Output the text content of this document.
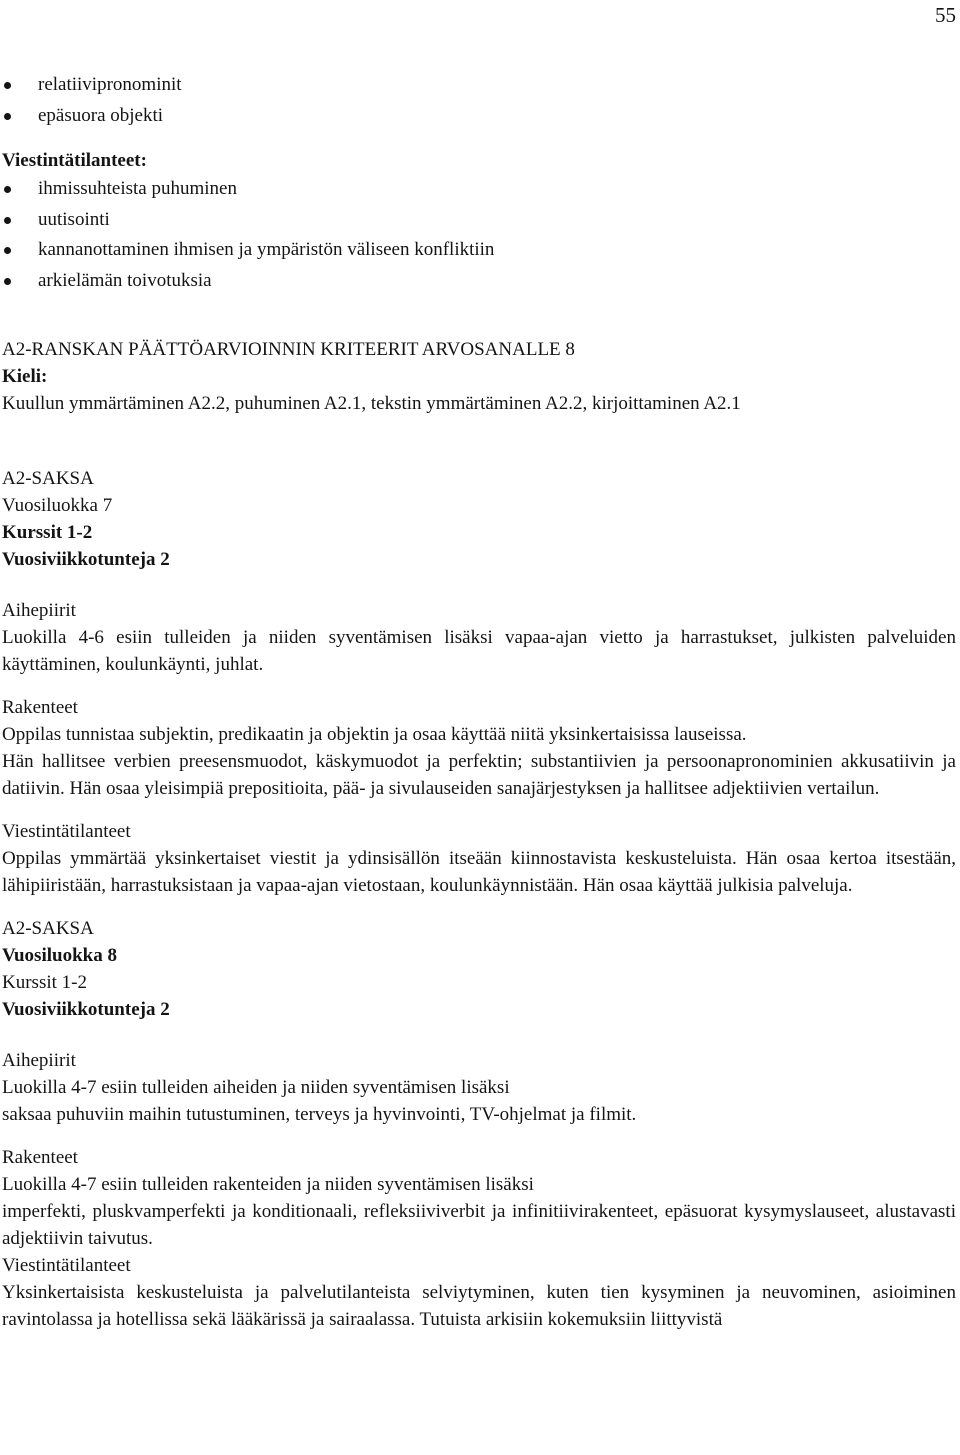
55
relatiivipronominit
epäsuora objekti
Viestintätilanteet:
ihmissuhteista puhuminen
uutisointi
kannanottaminen ihmisen ja ympäristön väliseen konfliktiin
arkielämän toivotuksia
A2-RANSKAN PÄÄTTÖARVIOINNIN KRITEERIT ARVOSANALLE 8
Kieli:
Kuullun ymmärtäminen A2.2, puhuminen A2.1, tekstin ymmärtäminen A2.2, kirjoittaminen A2.1
A2-SAKSA
Vuosiluokka 7
Kurssit 1-2
Vuosiviikkotunteja 2
Aihepiirit

Luokilla 4-6 esiin tulleiden ja niiden syventämisen lisäksi vapaa-ajan vietto ja harrastukset, julkisten palveluiden käyttäminen, koulunkäynti, juhlat.

Rakenteet

Oppilas tunnistaa subjektin, predikaatin ja objektin ja osaa käyttää niitä yksinkertaisissa lauseissa.

Hän hallitsee verbien preesensmuodot, käskymuodot ja perfektin; substantiivien ja persoonapronominien akkusatiivin ja datiivin. Hän osaa yleisimpiä prepositioita, pää- ja sivulauseiden sanajärjestyksen ja hallitsee adjektiivien vertailun.

Viestintätilanteet

Oppilas ymmärtää yksinkertaiset viestit ja ydinsisällön itseään kiinnostavista keskusteluista. Hän osaa kertoa itsestään, lähipiiristään, harrastuksistaan ja vapaa-ajan vietostaan, koulunkäynnistään. Hän osaa käyttää julkisia palveluja.

A2-SAKSA
Vuosiluokka 8
Kurssit 1-2
Vuosiviikkotunteja 2
Aihepiirit

Luokilla 4-7 esiin tulleiden aiheiden ja niiden syventämisen lisäksi

saksaa puhuviin maihin tutustuminen, terveys ja hyvinvointi, TV-ohjelmat ja filmit.

Rakenteet

Luokilla 4-7 esiin tulleiden rakenteiden ja niiden syventämisen lisäksi

imperfekti, pluskvamperfekti ja konditionaali, refleksiiviverbit ja infinitiivirakenteet, epäsuorat kysymyslauseet, alustavasti adjektiivin taivutus.

Viestintätilanteet

Yksinkertaisista keskusteluista ja palvelutilanteista selviytyminen, kuten tien kysyminen ja neuvominen, asioiminen ravintolassa ja hotellissa sekä lääkärissä ja sairaalassa. Tutuista arkisiin kokemuksiin liittyvistä
